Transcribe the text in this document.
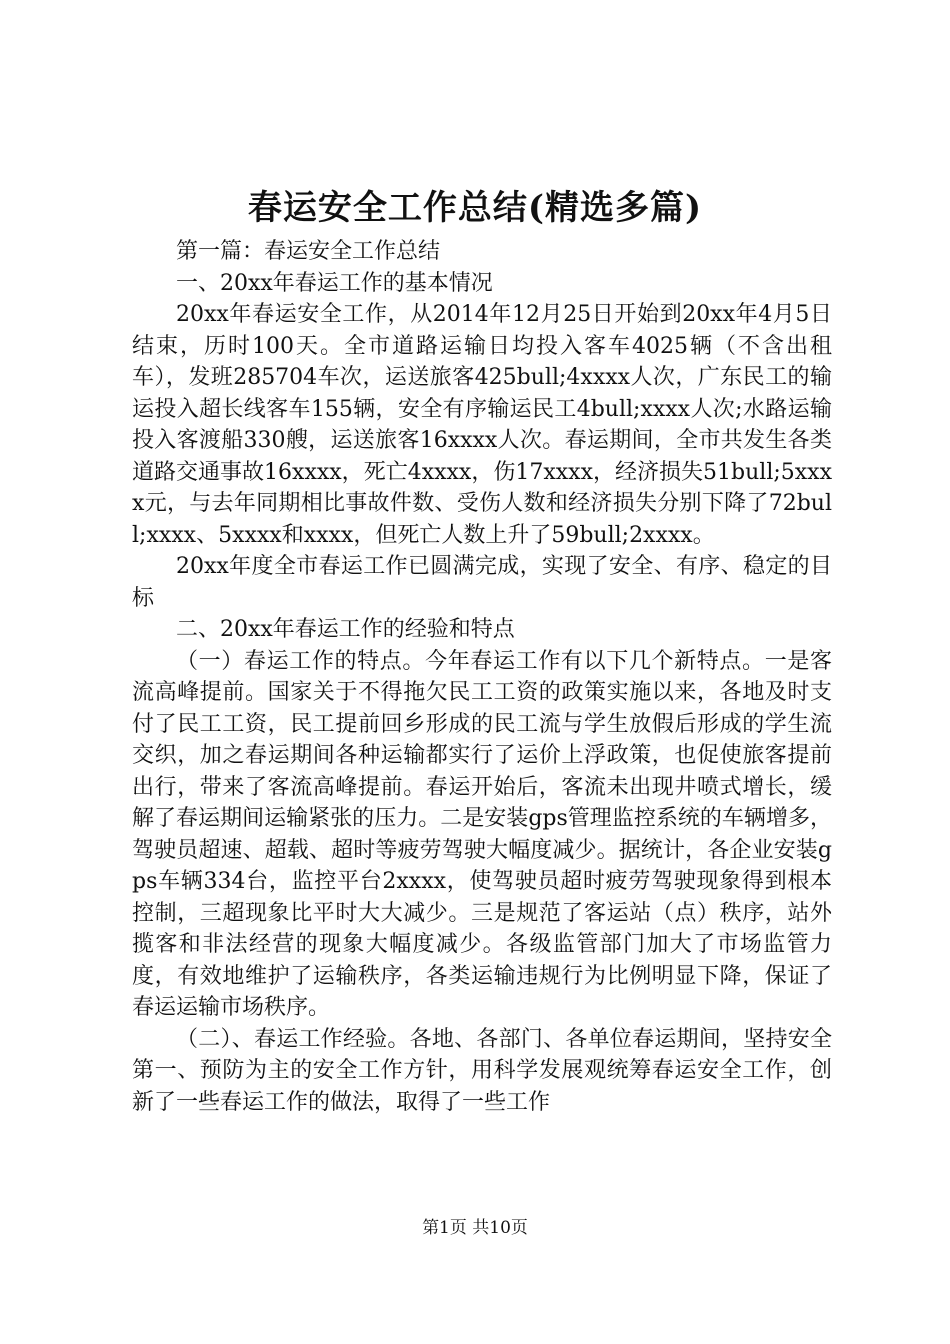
春运安全工作总结(精选多篇)

第一篇：春运安全工作总结

一、20xx年春运工作的基本情况

20xx年春运安全工作，从2014年12月25日开始到20xx年4月5日结束，历时100天。全市道路运输日均投入客车4025辆（不含出租车），发班285704车次，运送旅客425bull;4xxxx人次，广东民工的输运投入超长线客车155辆，安全有序输运民工4bull;xxxx人次;水路运输投入客渡船330艘，运送旅客16xxxx人次。春运期间，全市共发生各类道路交通事故16xxxx，死亡4xxxx，伤17xxxx，经济损失51bull;5xxxx元，与去年同期相比事故件数、受伤人数和经济损失分别下降了72bull;xxxx、5xxxx和xxxx，但死亡人数上升了59bull;2xxxx。

20xx年度全市春运工作已圆满完成，实现了安全、有序、稳定的目标

二、20xx年春运工作的经验和特点

（一）春运工作的特点。今年春运工作有以下几个新特点。一是客流高峰提前。国家关于不得拖欠民工工资的政策实施以来，各地及时支付了民工工资，民工提前回乡形成的民工流与学生放假后形成的学生流交织，加之春运期间各种运输都实行了运价上浮政策，也促使旅客提前出行，带来了客流高峰提前。春运开始后，客流未出现井喷式增长，缓解了春运期间运输紧张的压力。二是安装gps管理监控系统的车辆增多，驾驶员超速、超载、超时等疲劳驾驶大幅度减少。据统计，各企业安装gps车辆334台，监控平台2xxxx，使驾驶员超时疲劳驾驶现象得到根本控制，三超现象比平时大大减少。三是规范了客运站（点）秩序，站外揽客和非法经营的现象大幅度减少。各级监管部门加大了市场监管力度，有效地维护了运输秩序，各类运输违规行为比例明显下降，保证了春运运输市场秩序。

（二）、春运工作经验。各地、各部门、各单位春运期间，坚持安全第一、预防为主的安全工作方针，用科学发展观统筹春运安全工作，创新了一些春运工作的做法，取得了一些工作

第1页 共10页
